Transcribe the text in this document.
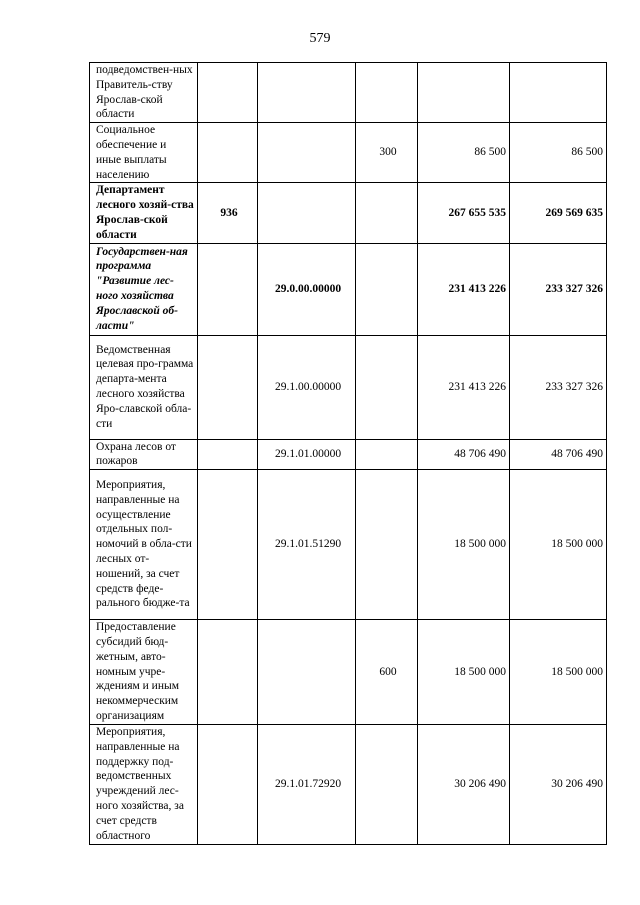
579
подведомствен-ных Правитель-ству Ярослав-ской области					
Социальное обеспечение и иные выплаты населению			300	86 500	86 500
Департамент лесного хозяй-ства Ярослав-ской области	936			267 655 535	269 569 635
Государствен-ная программа "Развитие лес-ного хозяйства Ярославской об-ласти"		29.0.00.00000		231 413 226	233 327 326
Ведомственная целевая про-грамма департа-мента лесного хозяйства Яро-славской обла-сти		29.1.00.00000		231 413 226	233 327 326
Охрана лесов от пожаров		29.1.01.00000		48 706 490	48 706 490
Мероприятия, направленные на осуществление отдельных пол-номочий в обла-сти лесных от-ношений, за счет средств феде-рального бюдже-та		29.1.01.51290		18 500 000	18 500 000
Предоставление субсидий бюд-жетным, авто-номным учре-ждениям и иным некоммерческим организациям			600	18 500 000	18 500 000
Мероприятия, направленные на поддержку под-ведомственных учреждений лес-ного хозяйства, за счет средств областного		29.1.01.72920		30 206 490	30 206 490
